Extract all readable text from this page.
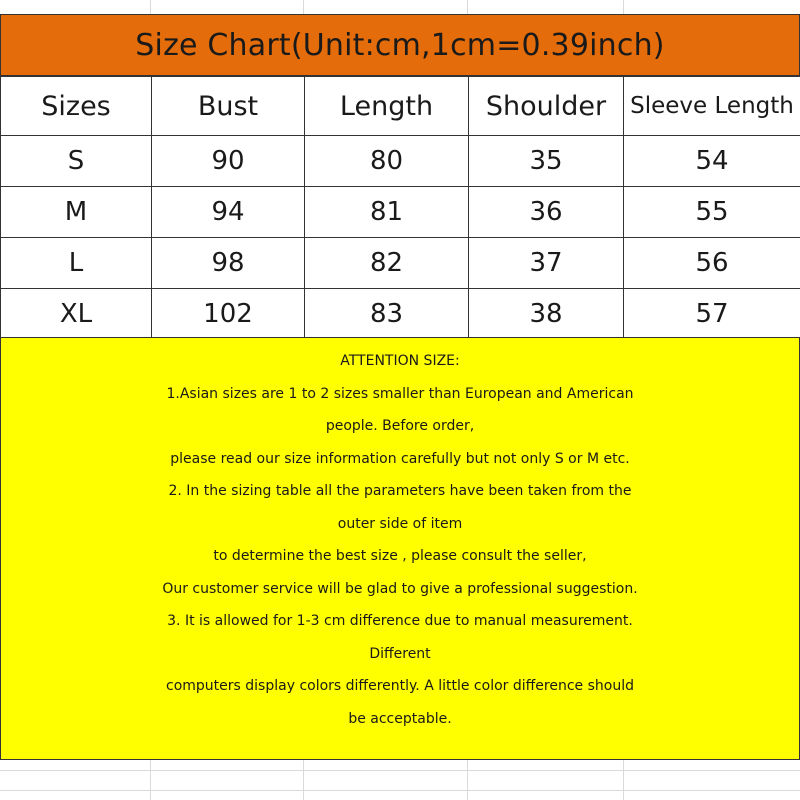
Size Chart(Unit:cm,1cm=0.39inch)
Sizes	Bust	Length	Shoulder	Sleeve Length
S	90	80	35	54
M	94	81	36	55
L	98	82	37	56
XL	102	83	38	57
ATTENTION SIZE:
1.Asian sizes are 1 to 2 sizes smaller than European and American
people. Before order,
please read our size information carefully but not only S or M etc.
2. In the sizing table all the parameters have been taken from the
outer side of item
to determine the best size , please consult the seller,
Our customer service will be glad to give a professional suggestion.
3. It is allowed for 1-3 cm difference due to manual measurement.
Different
computers display colors differently. A little color difference should
be acceptable.
